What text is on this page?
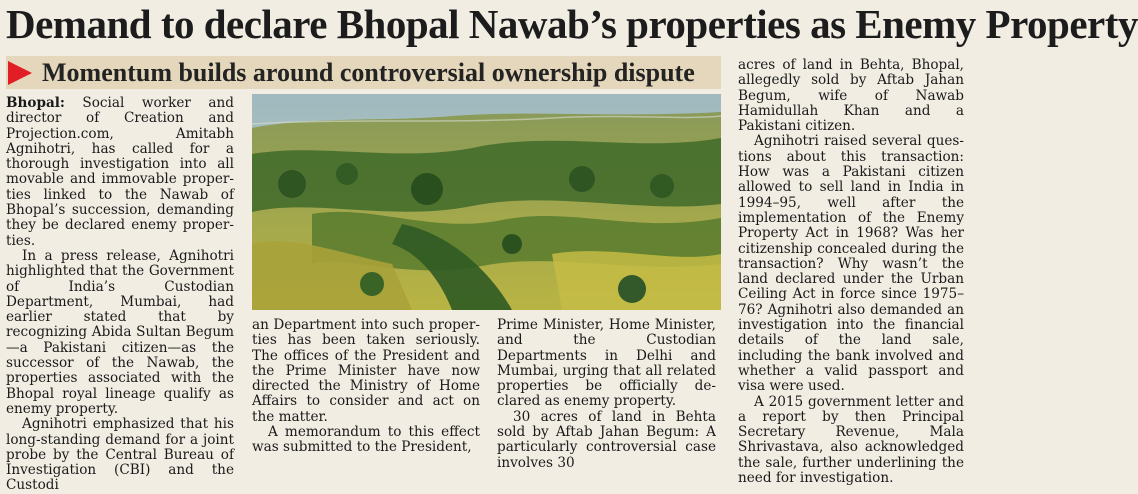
Demand to declare Bhopal Nawab’s properties as Enemy Property
Momentum builds around controversial ownership dispute

Bhopal: Social worker and director of Creation and Projection.com, Amitabh Agnihotri, has called for a thorough investigation into all movable and immovable properties linked to the Nawab of Bhopal’s succession, demanding they be declared enemy properties.

In a press release, Agnihotri highlighted that the Government of India’s Custodian Department, Mumbai, had earlier stated that by recognizing Abida Sultan Begum—a Pakistani citizen—as the successor of the Nawab, the properties associated with the Bhopal royal lineage qualify as enemy property.

Agnihotri emphasized that his long-standing demand for a joint probe by the Central Bureau of Investigation (CBI) and the Custodi

an Department into such properties has been taken seriously. The offices of the President and the Prime Minister have now directed the Ministry of Home Affairs to consider and act on the matter.

A memorandum to this effect was submitted to the President,

Prime Minister, Home Minister, and the Custodian Departments in Delhi and Mumbai, urging that all related properties be officially declared as enemy property.

30 acres of land in Behta sold by Aftab Jahan Begum: A particularly controversial case involves 30

acres of land in Behta, Bhopal, allegedly sold by Aftab Jahan Begum, wife of Nawab Hamidullah Khan and a Pakistani citizen.

Agnihotri raised several questions about this transaction: How was a Pakistani citizen allowed to sell land in India in 1994–95, well after the implementation of the Enemy Property Act in 1968? Was her citizenship concealed during the transaction? Why wasn’t the land declared under the Urban Ceiling Act in force since 1975–76? Agnihotri also demanded an investigation into the financial details of the land sale, including the bank involved and whether a valid passport and visa were used.

A 2015 government letter and a report by then Principal Secretary Revenue, Mala Shrivastava, also acknowledged the sale, further underlining the need for investigation.
